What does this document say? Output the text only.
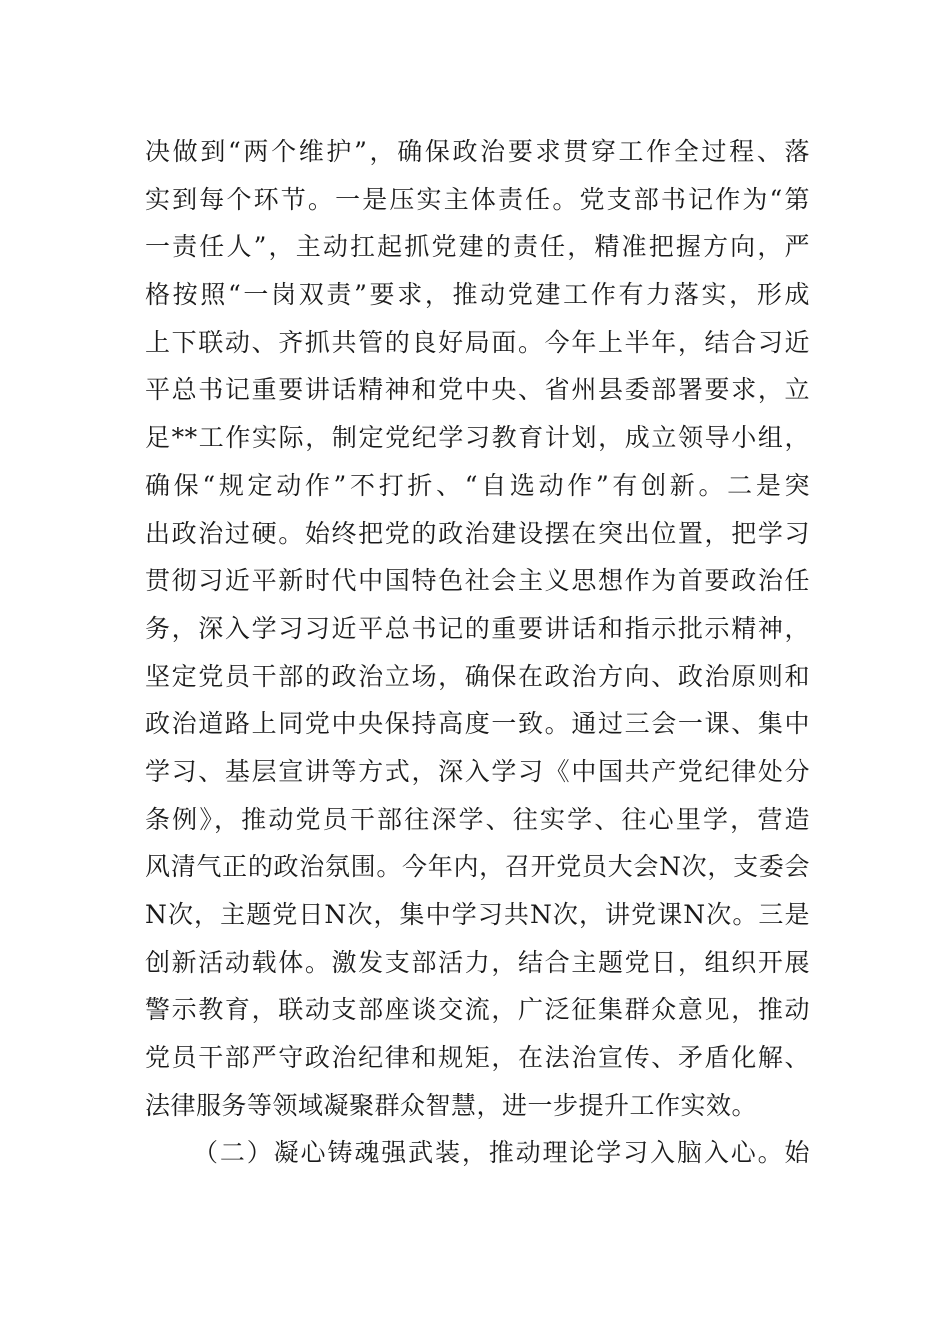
决做到“两个维护”，确保政治要求贯穿工作全过程、落
实到每个环节。一是压实主体责任。党支部书记作为“第
一责任人”，主动扛起抓党建的责任，精准把握方向，严
格按照“一岗双责”要求，推动党建工作有力落实，形成
上下联动、齐抓共管的良好局面。今年上半年，结合习近
平总书记重要讲话精神和党中央、省州县委部署要求，立
足**工作实际，制定党纪学习教育计划，成立领导小组，
确保“规定动作”不打折、“自选动作”有创新。二是突
出政治过硬。始终把党的政治建设摆在突出位置，把学习
贯彻习近平新时代中国特色社会主义思想作为首要政治任
务，深入学习习近平总书记的重要讲话和指示批示精神，
坚定党员干部的政治立场，确保在政治方向、政治原则和
政治道路上同党中央保持高度一致。通过三会一课、集中
学习、基层宣讲等方式，深入学习《中国共产党纪律处分
条例》，推动党员干部往深学、往实学、往心里学，营造
风清气正的政治氛围。今年内，召开党员大会N次，支委会
N次，主题党日N次，集中学习共N次，讲党课N次。三是
创新活动载体。激发支部活力，结合主题党日，组织开展
警示教育，联动支部座谈交流，广泛征集群众意见，推动
党员干部严守政治纪律和规矩，在法治宣传、矛盾化解、
法律服务等领域凝聚群众智慧，进一步提升工作实效。
（二）凝心铸魂强武装，推动理论学习入脑入心。始
